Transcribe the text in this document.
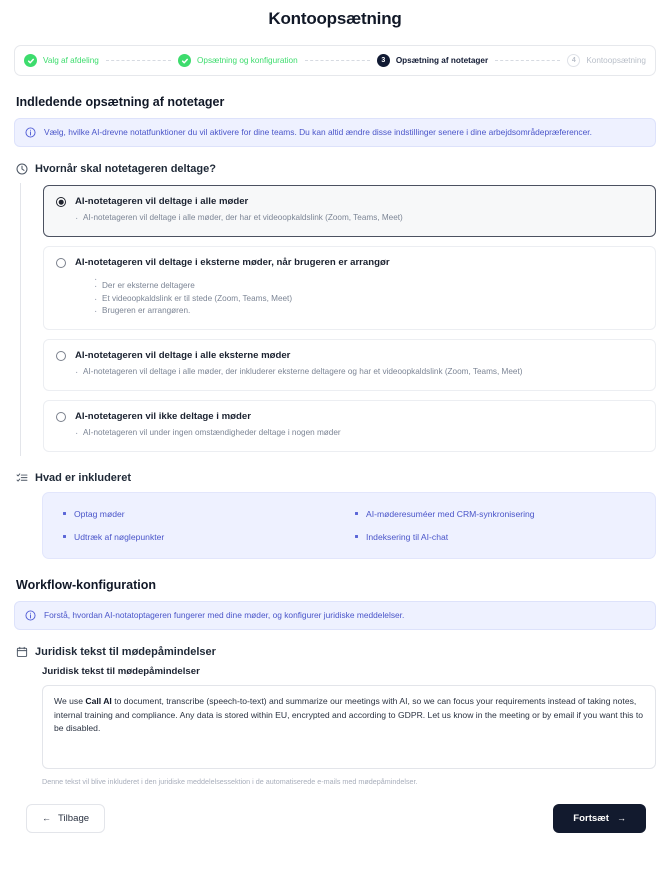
Kontoopsætning
Valg af afdeling	Opsætning og konfiguration	3	Opsætning af notetager	4	Kontoopsætning
Indledende opsætning af notetager
Vælg, hvilke AI-drevne notatfunktioner du vil aktivere for dine teams. Du kan altid ændre disse indstillinger senere i dine arbejdsområdepræferencer.
Hvornår skal notetageren deltage?
AI-notetageren vil deltage i alle møder
· AI-notetageren vil deltage i alle møder, der har et videoopkaldslink (Zoom, Teams, Meet)
AI-notetageren vil deltage i eksterne møder, når brugeren er arrangør
·
· Der er eksterne deltagere
· Et videoopkaldslink er til stede (Zoom, Teams, Meet)
· Brugeren er arrangøren.
AI-notetageren vil deltage i alle eksterne møder
· AI-notetageren vil deltage i alle møder, der inkluderer eksterne deltagere og har et videoopkaldslink (Zoom, Teams, Meet)
AI-notetageren vil ikke deltage i møder
· AI-notetageren vil under ingen omstændigheder deltage i nogen møder
Hvad er inkluderet
Optag møder	AI-møderesuméer med CRM-synkronisering
Udtræk af nøglepunkter	Indeksering til AI-chat
Workflow-konfiguration
Forstå, hvordan AI-notatoptageren fungerer med dine møder, og konfigurer juridiske meddelelser.
Juridisk tekst til mødepåmindelser
Juridisk tekst til mødepåmindelser

We use Call AI to document, transcribe (speech-to-text) and summarize our meetings with AI, so we can focus your requirements instead of taking notes, internal training and compliance. Any data is stored within EU, encrypted and according to GDPR. Let us know in the meeting or by email if you want this to be disabled.

Denne tekst vil blive inkluderet i den juridiske meddelelsessektion i de automatiserede e-mails med mødepåmindelser.
← Tilbage	Fortsæt →
